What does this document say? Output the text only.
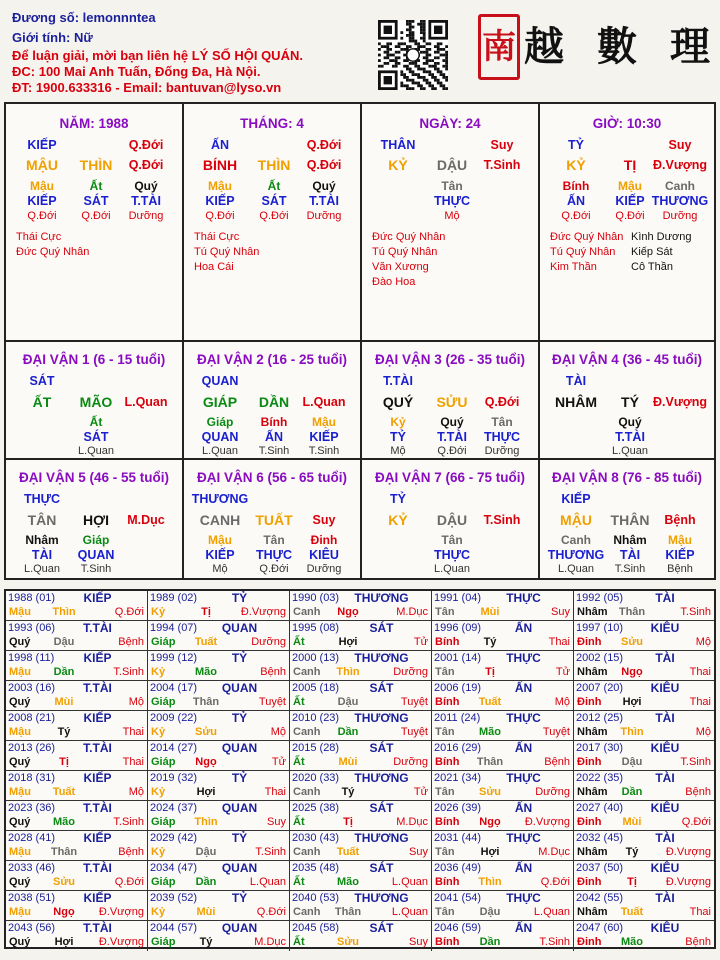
Đương số: lemonnntea
Giới tính: Nữ
Để luận giải, mời bạn liên hệ LÝ SỐ HỘI QUÁN.
ĐC: 100 Mai Anh Tuấn, Đống Đa, Hà Nội.
ĐT: 1900.633316 - Email: bantuvan@lyso.vn
南 越 數 理
NĂM: 1988
KIẾP	Q.Đới
MẬU THÌN Q.Đới
Mậu	Ất	Quý
KIẾP SÁT T.TÀI
Q.Đới Q.Đới Dưỡng
Thái Cực
Đức Quý Nhân
THÁNG: 4
ẤN	Q.Đới
BÍNH THÌN Q.Đới
Mậu	Ất	Quý
KIẾP SÁT T.TÀI
Q.Đới Q.Đới Dưỡng
Thái Cực
Tú Quý Nhân
Hoa Cái
NGÀY: 24
THÂN	Suy
KỶ DẬU T.Sinh
Tân
THỰC
Mộ
Đức Quý Nhân
Tú Quý Nhân
Văn Xương
Đào Hoa
GIỜ: 10:30
TỶ	Suy
KỶ	TỊ Đ.Vượng
Bính Mậu Canh
ẤN KIẾP THƯƠNG
Q.Đới Q.Đới Dưỡng
Đức Quý Nhân
Tú Quý Nhân
Kim Thần
Kình Dương
Kiếp Sát
Cô Thần
ĐẠI VẬN 1 (6 - 15 tuổi)
SÁT
ẤT MÃO L.Quan
Ất
SÁT
L.Quan
ĐẠI VẬN 2 (16 - 25 tuổi)
QUAN
GIÁP DẦN L.Quan
Giáp Bính Mậu
QUAN ẤN KIẾP
L.Quan T.Sinh T.Sinh
ĐẠI VẬN 3 (26 - 35 tuổi)
T.TÀI
QUÝ SỬU Q.Đới
Kỷ	Quý Tân
TỶ T.TÀI THỰC
Mộ	Q.Đới Dưỡng
ĐẠI VẬN 4 (36 - 45 tuổi)
TÀI
NHÂM TÝ Đ.Vượng
Quý
T.TÀI
L.Quan
ĐẠI VẬN 5 (46 - 55 tuổi)
THỰC
TÂN HỢI M.Dục
Nhâm Giáp
TÀI QUAN
L.Quan T.Sinh
ĐẠI VẬN 6 (56 - 65 tuổi)
THƯƠNG
CANH TUẤT Suy
Mậu	Tân Đinh
KIẾP THỰC KIÊU
Mộ	Q.Đới Dưỡng
ĐẠI VẬN 7 (66 - 75 tuổi)
TỶ
KỶ DẬU T.Sinh
Tân
THỰC
L.Quan
ĐẠI VẬN 8 (76 - 85 tuổi)
KIẾP
MẬU THÂN Bệnh
Canh Nhâm Mậu
THƯƠNG TÀI KIẾP
L.Quan T.Sinh Bệnh
1988 (01)	KIẾP
Mậu Thìn	Q.Đới
1989 (02)	TỶ
Kỷ	Tị	Đ.Vượng
1990 (03)	THƯƠNG
Canh Ngọ	M.Dục
1991 (04)	THỰC
Tân Mùi	Suy
1992 (05)	TÀI
Nhâm Thân	T.Sinh
1993 (06)	T.TÀI
Quý Dậu	Bệnh
1994 (07)	QUAN
Giáp Tuất	Dưỡng
1995 (08)	SÁT
Ất	Hợi	Tử
1996 (09)	ẤN
Bính Tý	Thai
1997 (10)	KIÊU
Đinh Sửu	Mộ
1998 (11)	KIẾP
Mậu Dần	T.Sinh
1999 (12)	TỶ
Kỷ	Mão	Bệnh
2000 (13)	THƯƠNG
Canh Thìn	Dưỡng
2001 (14)	THỰC
Tân	Tị	Tử
2002 (15)	TÀI
Nhâm Ngọ	Thai
2003 (16)	T.TÀI
Quý Mùi	Mộ
2004 (17)	QUAN
Giáp Thân	Tuyệt
2005 (18)	SÁT
Ất	Dậu	Tuyệt
2006 (19)	ẤN
Bính Tuất	Mộ
2007 (20)	KIÊU
Đinh Hợi	Thai
2008 (21)	KIẾP
Mậu Tý	Thai
2009 (22)	TỶ
Kỷ	Sửu	Mộ
2010 (23)	THƯƠNG
Canh Dần	Tuyệt
2011 (24)	THỰC
Tân Mão	Tuyệt
2012 (25)	TÀI
Nhâm Thìn	Mộ
2013 (26)	T.TÀI
Quý	Tị	Thai
2014 (27)	QUAN
Giáp Ngọ	Tử
2015 (28)	SÁT
Ất	Mùi	Dưỡng
2016 (29)	ẤN
Bính Thân	Bệnh
2017 (30)	KIÊU
Đinh Dậu	T.Sinh
2018 (31)	KIẾP
Mậu Tuất	Mộ
2019 (32)	TỶ
Kỷ	Hợi	Thai
2020 (33)	THƯƠNG
Canh Tý	Tử
2021 (34)	THỰC
Tân Sửu	Dưỡng
2022 (35)	TÀI
Nhâm Dần	Bệnh
2023 (36)	T.TÀI
Quý Mão	T.Sinh
2024 (37)	QUAN
Giáp Thìn	Suy
2025 (38)	SÁT
Ất	Tị	M.Dục
2026 (39)	ẤN
Bính Ngọ Đ.Vượng
2027 (40)	KIÊU
Đinh Mùi	Q.Đới
2028 (41)	KIẾP
Mậu Thân	Bệnh
2029 (42)	TỶ
Kỷ	Dậu	T.Sinh
2030 (43)	THƯƠNG
Canh Tuất	Suy
2031 (44)	THỰC
Tân Hợi	M.Dục
2032 (45)	TÀI
Nhâm Tý Đ.Vượng
2033 (46)	T.TÀI
Quý Sửu	Q.Đới
2034 (47)	QUAN
Giáp Dần	L.Quan
2035 (48)	SÁT
Ất	Mão	L.Quan
2036 (49)	ẤN
Bính Thìn	Q.Đới
2037 (50)	KIÊU
Đinh Tị	Đ.Vượng
2038 (51)	KIẾP
Mậu Ngọ Đ.Vượng
2039 (52)	TỶ
Kỷ	Mùi	Q.Đới
2040 (53)	THƯƠNG
Canh Thân	L.Quan
2041 (54)	THỰC
Tân Dậu	L.Quan
2042 (55)	TÀI
Nhâm Tuất	Thai
2043 (56)	T.TÀI
Quý Hợi Đ.Vượng
2044 (57)	QUAN
Giáp Tý	M.Dục
2045 (58)	SÁT
Ất	Sửu	Suy
2046 (59)	ẤN
Bính Dần	T.Sinh
2047 (60)	KIÊU
Đinh Mão	Bệnh
